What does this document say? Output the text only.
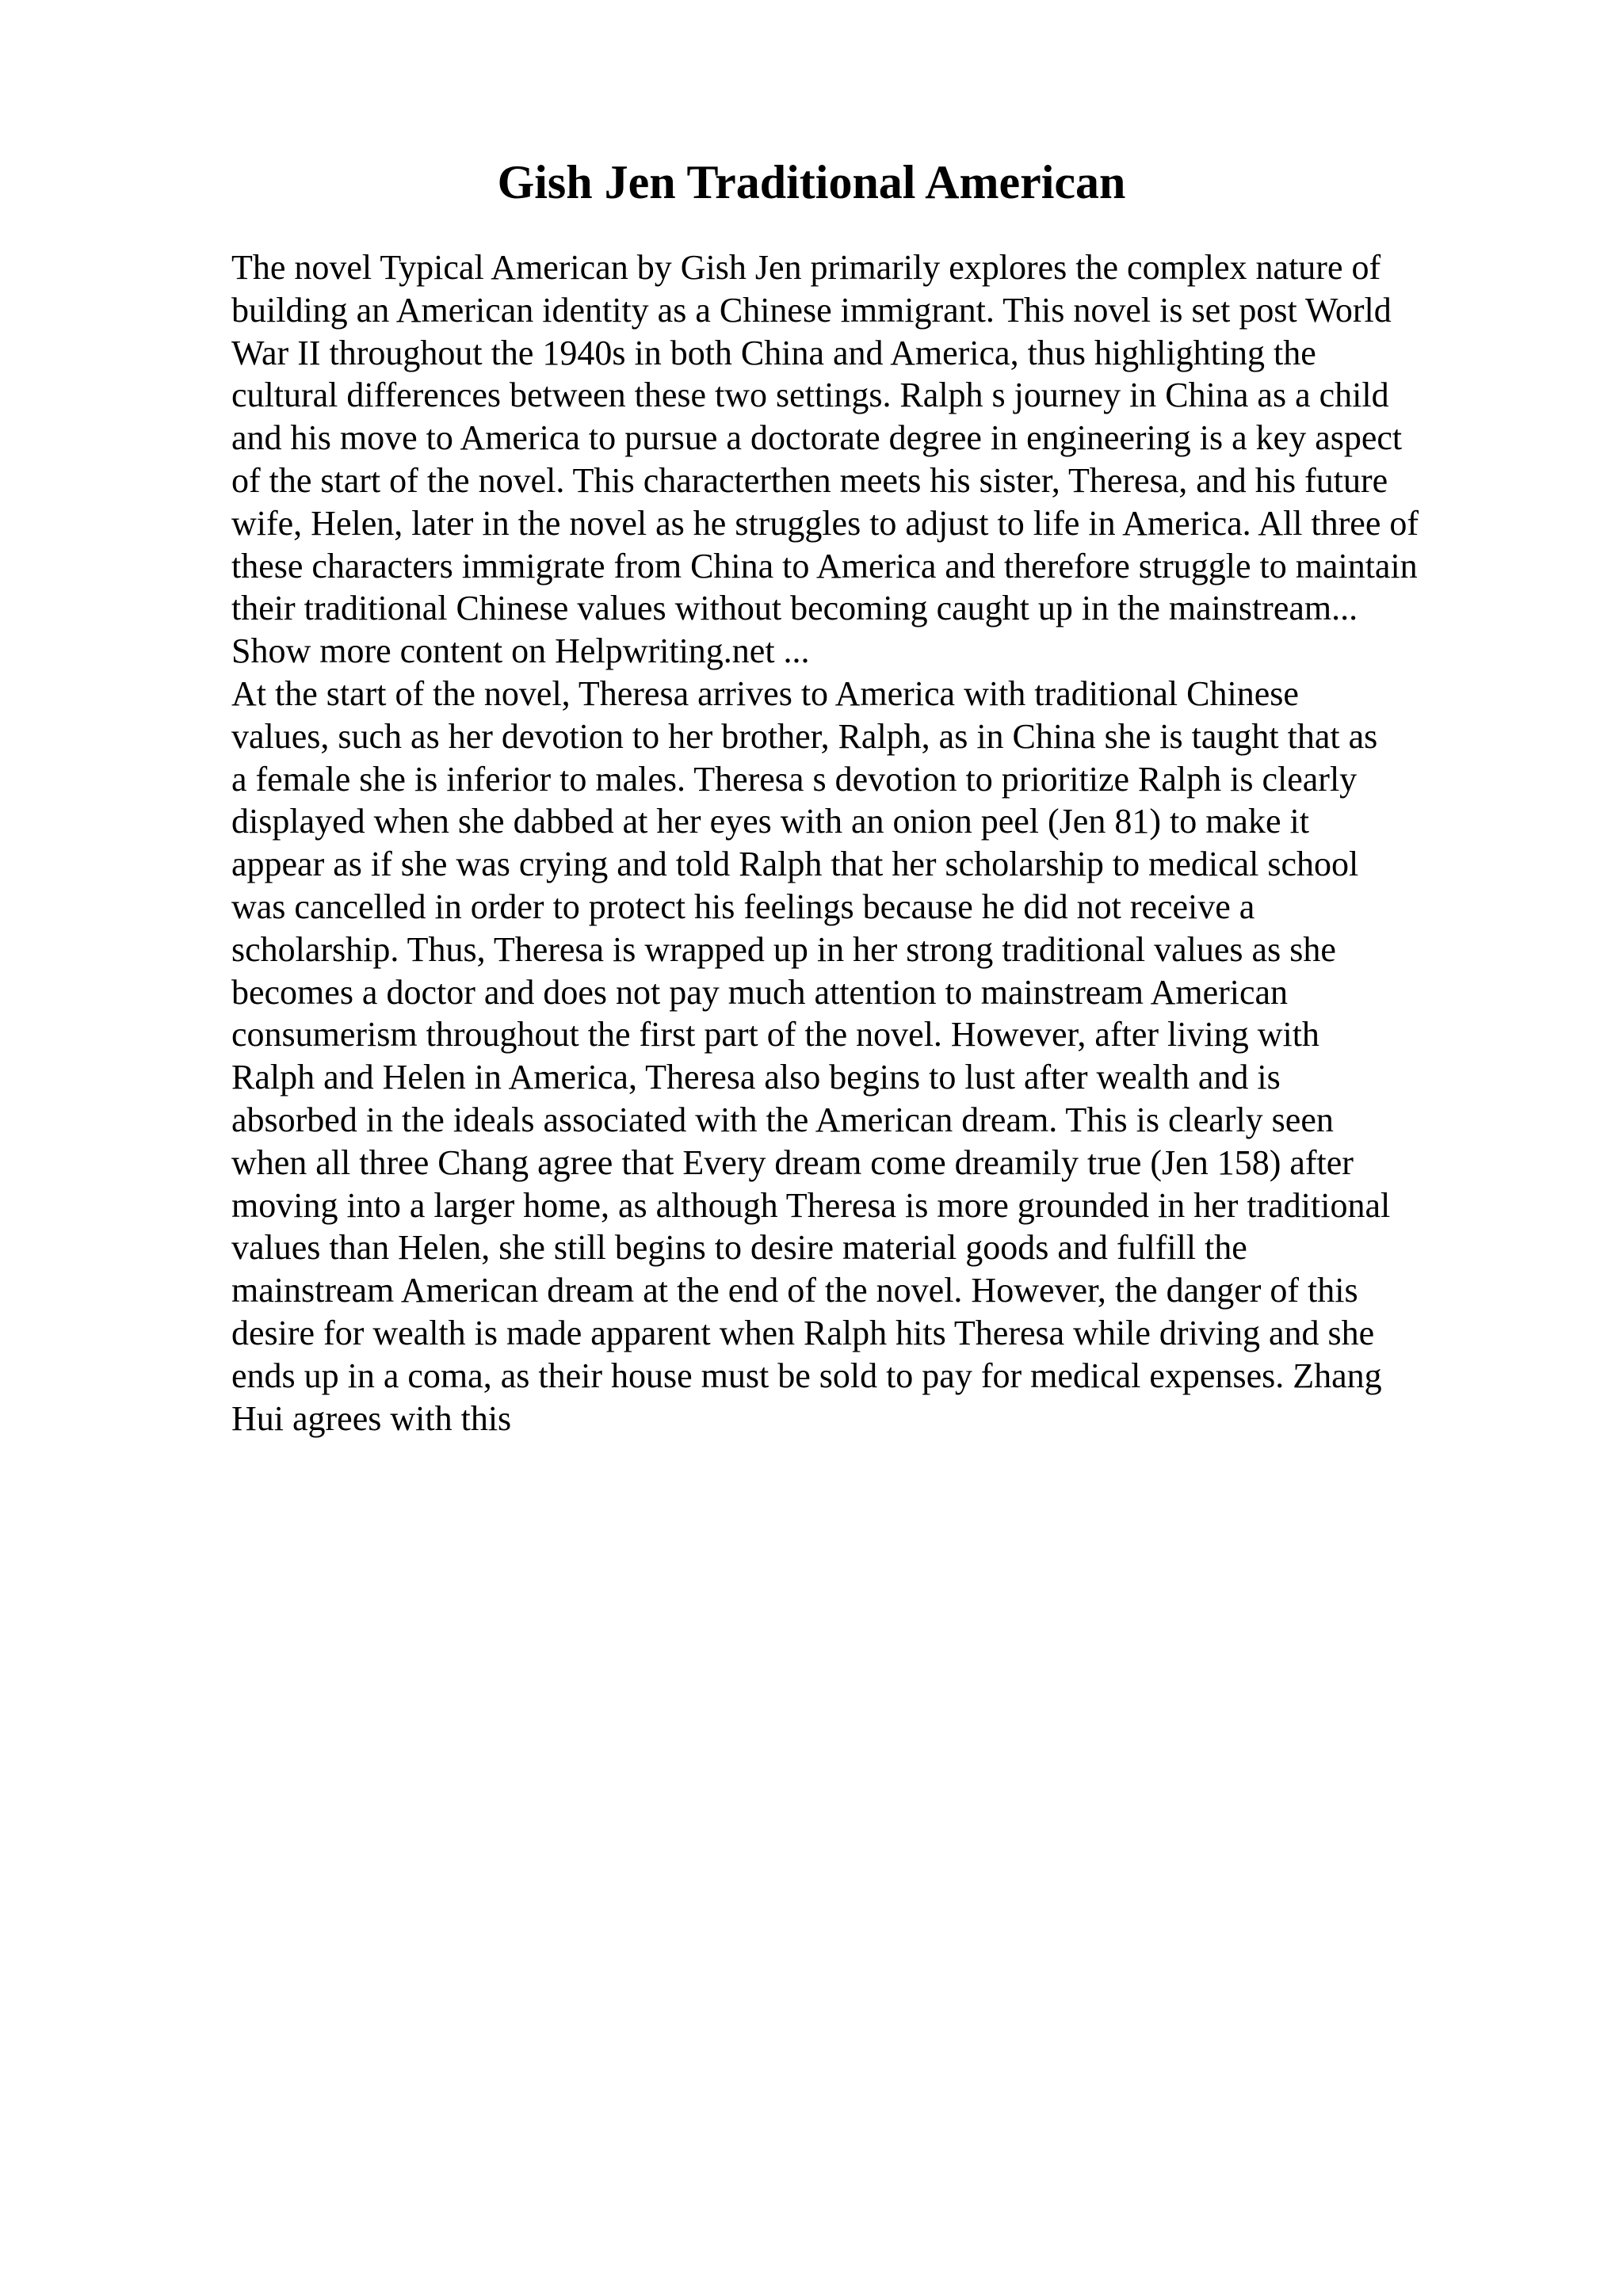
Gish Jen Traditional American
The novel Typical American by Gish Jen primarily explores the complex nature of
building an American identity as a Chinese immigrant. This novel is set post World
War II throughout the 1940s in both China and America, thus highlighting the
cultural differences between these two settings. Ralph s journey in China as a child
and his move to America to pursue a doctorate degree in engineering is a key aspect
of the start of the novel. This characterthen meets his sister, Theresa, and his future
wife, Helen, later in the novel as he struggles to adjust to life in America. All three of
these characters immigrate from China to America and therefore struggle to maintain
their traditional Chinese values without becoming caught up in the mainstream...
Show more content on Helpwriting.net ...
At the start of the novel, Theresa arrives to America with traditional Chinese
values, such as her devotion to her brother, Ralph, as in China she is taught that as
a female she is inferior to males. Theresa s devotion to prioritize Ralph is clearly
displayed when she dabbed at her eyes with an onion peel (Jen 81) to make it
appear as if she was crying and told Ralph that her scholarship to medical school
was cancelled in order to protect his feelings because he did not receive a
scholarship. Thus, Theresa is wrapped up in her strong traditional values as she
becomes a doctor and does not pay much attention to mainstream American
consumerism throughout the first part of the novel. However, after living with
Ralph and Helen in America, Theresa also begins to lust after wealth and is
absorbed in the ideals associated with the American dream. This is clearly seen
when all three Chang agree that Every dream come dreamily true (Jen 158) after
moving into a larger home, as although Theresa is more grounded in her traditional
values than Helen, she still begins to desire material goods and fulfill the
mainstream American dream at the end of the novel. However, the danger of this
desire for wealth is made apparent when Ralph hits Theresa while driving and she
ends up in a coma, as their house must be sold to pay for medical expenses. Zhang
Hui agrees with this
